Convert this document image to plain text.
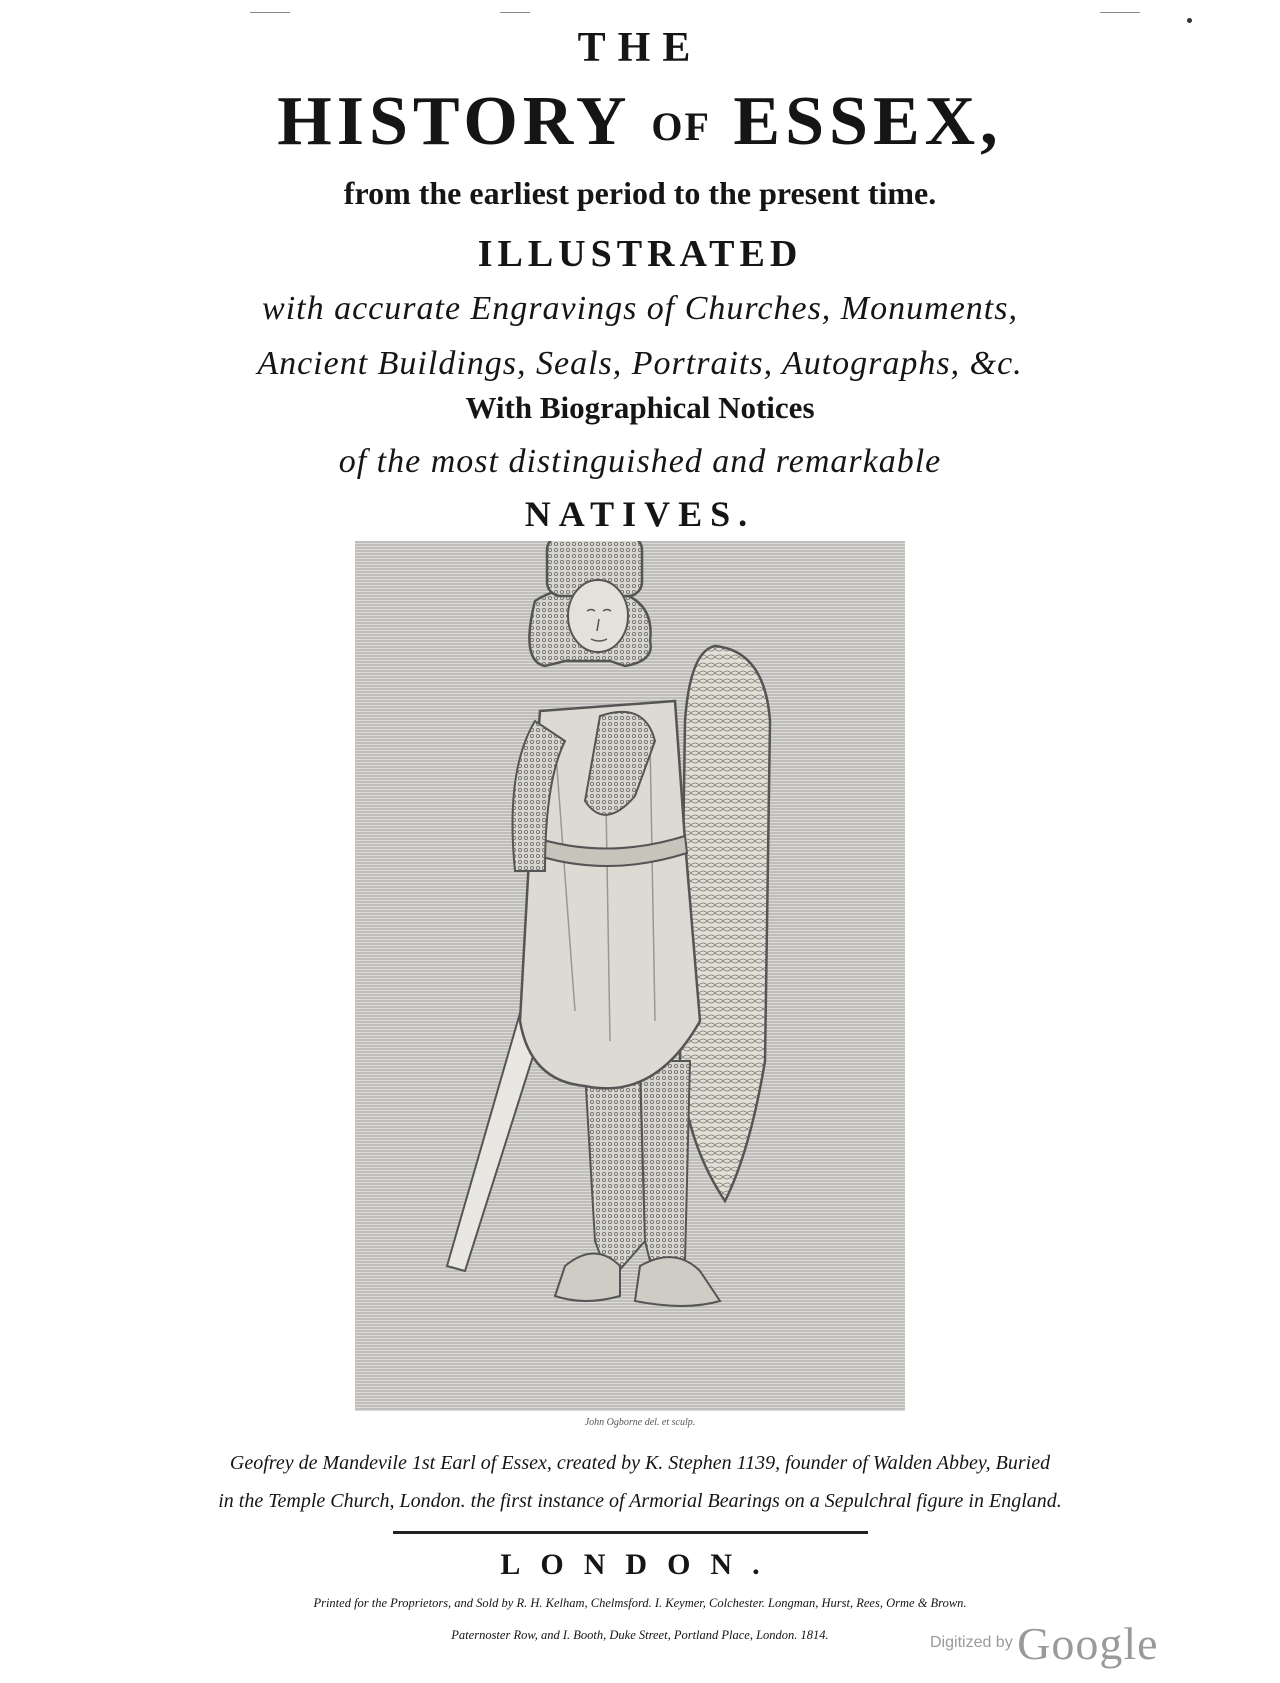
THE
HISTORY OF ESSEX,
from the earliest period to the present time.
ILLUSTRATED
with accurate Engravings of Churches, Monuments,
Ancient Buildings, Seals, Portraits, Autographs, &c.
With Biographical Notices
of the most distinguished and remarkable
NATIVES.
John Ogborne del. et sculp.
Geofrey de Mandevile 1st Earl of Essex, created by K. Stephen 1139, founder of Walden Abbey, Buried
in the Temple Church, London. the first instance of Armorial Bearings on a Sepulchral figure in England.
LONDON.
Printed for the Proprietors, and Sold by R. H. Kelham, Chelmsford. I. Keymer, Colchester. Longman, Hurst, Rees, Orme & Brown.
Paternoster Row, and I. Booth, Duke Street, Portland Place, London. 1814.	Digitized by Google
